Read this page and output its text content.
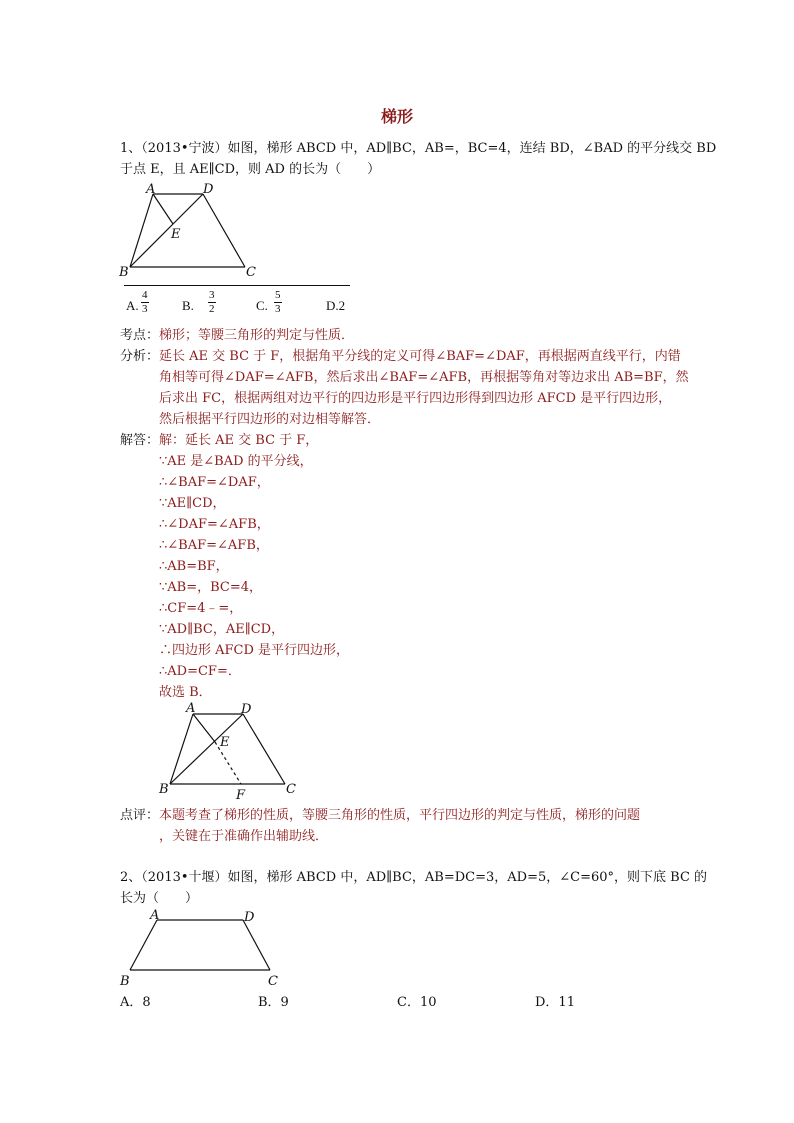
梯形
1、（2013•宁波）如图，梯形 ABCD 中，AD∥BC，AB=，BC=4，连结 BD，∠BAD 的平分线交 BD
于点 E，且 AE∥CD，则 AD 的长为（　　）
A	D
E
B	C
A. $\frac{4}{3}$	B. $\frac{3}{2}$	C. $\frac{5}{3}$	D.2
考点： 梯形；等腰三角形的判定与性质．
分析： 延长 AE 交 BC 于 F，根据角平分线的定义可得∠BAF=∠DAF，再根据两直线平行，内错
角相等可得∠DAF=∠AFB，然后求出∠BAF=∠AFB，再根据等角对等边求出 AB=BF，然
后求出 FC，根据两组对边平行的四边形是平行四边形得到四边形 AFCD 是平行四边形，
然后根据平行四边形的对边相等解答．
解答： 解：延长 AE 交 BC 于 F，
∵AE 是∠BAD 的平分线，
∴∠BAF=∠DAF，
∵AE∥CD，
∴∠DAF=∠AFB，
∴∠BAF=∠AFB，
∴AB=BF，
∵AB=，BC=4，
∴CF=4﹣=，
∵AD∥BC，AE∥CD，
∴四边形 AFCD 是平行四边形，
∴AD=CF=．
故选 B．
A	D
E
B	C
F
点评： 本题考查了梯形的性质，等腰三角形的性质，平行四边形的判定与性质，梯形的问题
，关键在于准确作出辅助线．
2、（2013•十堰）如图，梯形 ABCD 中，AD∥BC，AB=DC=3，AD=5，∠C=60°，则下底 BC 的
长为（　　）
A	D
B	C
A．8	B．9	C．10	D．11
